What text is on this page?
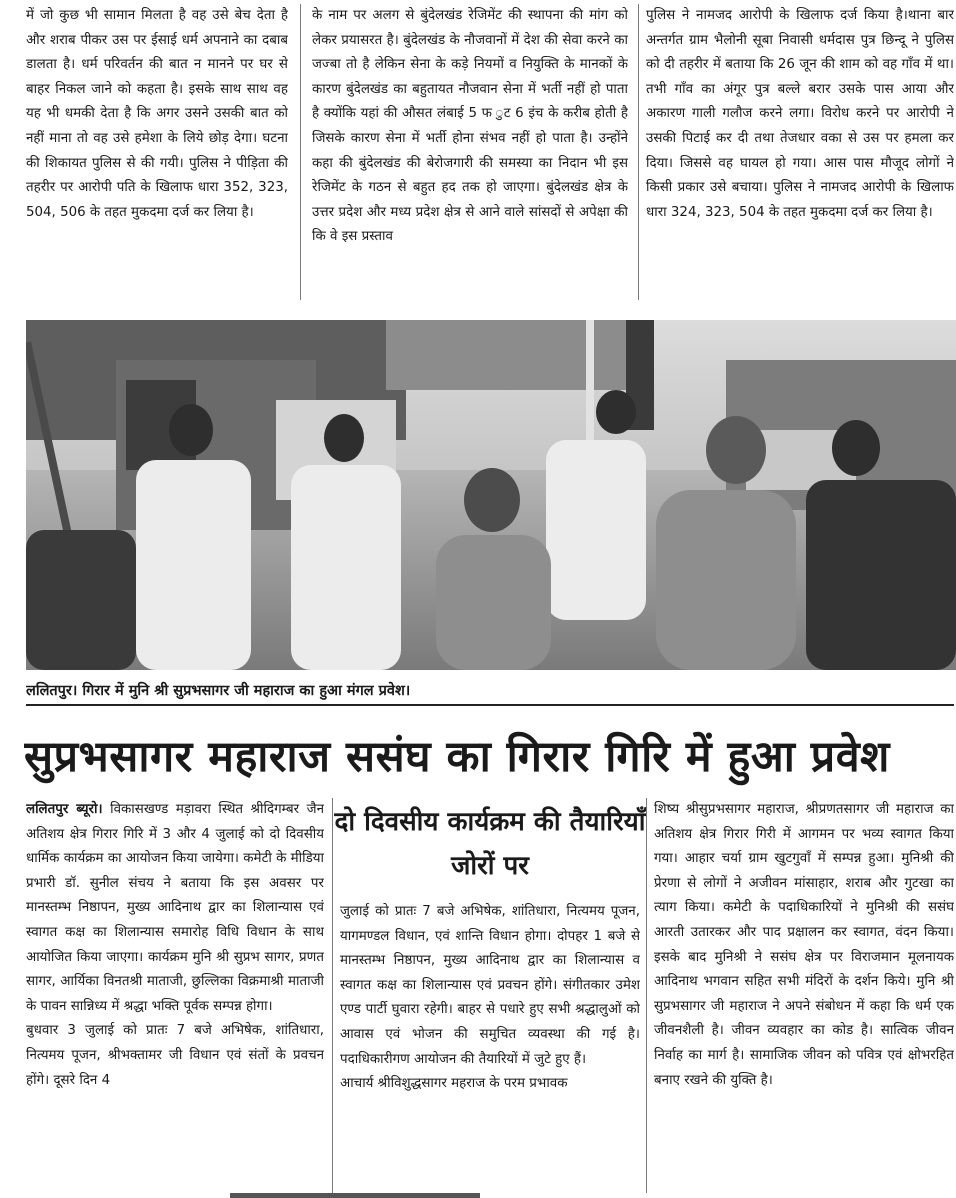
में जो कुछ भी सामान मिलता है वह उसे बेच देता है और शराब पीकर उस पर ईसाई धर्म अपनाने का दबाब डालता है। धर्म परिवर्तन की बात न मानने पर घर से बाहर निकल जाने को कहता है। इसके साथ साथ वह यह भी धमकी देता है कि अगर उसने उसकी बात को नहीं माना तो वह उसे हमेशा के लिये छोड़ देगा। घटना की शिकायत पुलिस से की गयी। पुलिस ने पीड़िता की तहरीर पर आरोपी पति के खिलाफ धारा 352, 323, 504, 506 के तहत मुकदमा दर्ज कर लिया है।

के नाम पर अलग से बुंदेलखंड रेजिमेंट की स्थापना की मांग को लेकर प्रयासरत है। बुंदेलखंड के नौजवानों में देश की सेवा करने का जज्बा तो है लेकिन सेना के कड़े नियमों व नियुक्ति के मानकों के कारण बुंदेलखंड का बहुतायत नौजवान सेना में भर्ती नहीं हो पाता है क्योंकि यहां की औसत लंबाई 5 फ ुट 6 इंच के करीब होती है जिसके कारण सेना में भर्ती होना संभव नहीं हो पाता है। उन्होंने कहा की बुंदेलखंड की बेरोजगारी की समस्या का निदान भी इस रेजिमेंट के गठन से बहुत हद तक हो जाएगा। बुंदेलखंड क्षेत्र के उत्तर प्रदेश और मध्य प्रदेश क्षेत्र से आने वाले सांसदों से अपेक्षा की कि वे इस प्रस्ताव

पुलिस ने नामजद आरोपी के खिलाफ दर्ज किया है।थाना बार अन्तर्गत ग्राम भैलोनी सूबा निवासी धर्मदास पुत्र छिन्दू ने पुलिस को दी तहरीर में बताया कि 26 जून की शाम को वह गाँव में था। तभी गाँव का अंगूर पुत्र बल्ले बरार उसके पास आया और अकारण गाली गलौज करने लगा। विरोध करने पर आरोपी ने उसकी पिटाई कर दी तथा तेजधार वका से उस पर हमला कर दिया। जिससे वह घायल हो गया। आस पास मौजूद लोगों ने किसी प्रकार उसे बचाया। पुलिस ने नामजद आरोपी के खिलाफ धारा 324, 323, 504 के तहत मुकदमा दर्ज कर लिया है।

ललितपुर। गिरार में मुनि श्री सुप्रभसागर जी महाराज का हुआ मंगल प्रवेश।
सुप्रभसागर महाराज ससंघ का गिरार गिरि में हुआ प्रवेश

ललितपुर ब्यूरो। विकासखण्ड मड़ावरा स्थित श्रीदिगम्बर जैन अतिशय क्षेत्र गिरार गिरि में 3 और 4 जुलाई को दो दिवसीय धार्मिक कार्यक्रम का आयोजन किया जायेगा। कमेटी के मीडिया प्रभारी डॉ. सुनील संचय ने बताया कि इस अवसर पर मानस्तम्भ निष्ठापन, मुख्य आदिनाथ द्वार का शिलान्यास एवं स्वागत कक्ष का शिलान्यास समारोह विधि विधान के साथ आयोजित किया जाएगा। कार्यक्रम मुनि श्री सुप्रभ सागर, प्रणत सागर, आर्यिका विनतश्री माताजी, छुल्लिका विक्रमाश्री माताजी के पावन सान्निध्य में श्रद्धा भक्ति पूर्वक सम्पन्न होगा।

बुधवार 3 जुलाई को प्रातः 7 बजे अभिषेक, शांतिधारा, नित्यमय पूजन, श्रीभक्तामर जी विधान एवं संतों के प्रवचन होंगे। दूसरे दिन 4

दो दिवसीय कार्यक्रम की तैयारियाँ जोरों पर

जुलाई को प्रातः 7 बजे अभिषेक, शांतिधारा, नित्यमय पूजन, यागमण्डल विधान, एवं शान्ति विधान होगा। दोपहर 1 बजे से मानस्तम्भ निष्ठापन, मुख्य आदिनाथ द्वार का शिलान्यास व स्वागत कक्ष का शिलान्यास एवं प्रवचन होंगे। संगीतकार उमेश एण्ड पार्टी घुवारा रहेगी। बाहर से पधारे हुए सभी श्रद्धालुओं को आवास एवं भोजन की समुचित व्यवस्था की गई है। पदाधिकारीगण आयोजन की तैयारियों में जुटे हुए हैं।

आचार्य श्रीविशुद्धसागर महराज के परम प्रभावक

शिष्य श्रीसुप्रभसागर महाराज, श्रीप्रणतसागर जी महाराज का अतिशय क्षेत्र गिरार गिरी में आगमन पर भव्य स्वागत किया गया। आहार चर्या ग्राम खुटगुवाँ में सम्पन्न हुआ। मुनिश्री की प्रेरणा से लोगों ने अजीवन मांसाहार, शराब और गुटखा का त्याग किया। कमेटी के पदाधिकारियों ने मुनिश्री की ससंघ आरती उतारकर और पाद प्रक्षालन कर स्वागत, वंदन किया। इसके बाद मुनिश्री ने ससंघ क्षेत्र पर विराजमान मूलनायक आदिनाथ भगवान सहित सभी मंदिरों के दर्शन किये। मुनि श्री सुप्रभसागर जी महाराज ने अपने संबोधन में कहा कि धर्म एक जीवनशैली है। जीवन व्यवहार का कोड है। सात्विक जीवन निर्वाह का मार्ग है। सामाजिक जीवन को पवित्र एवं क्षोभरहित बनाए रखने की युक्ति है।
